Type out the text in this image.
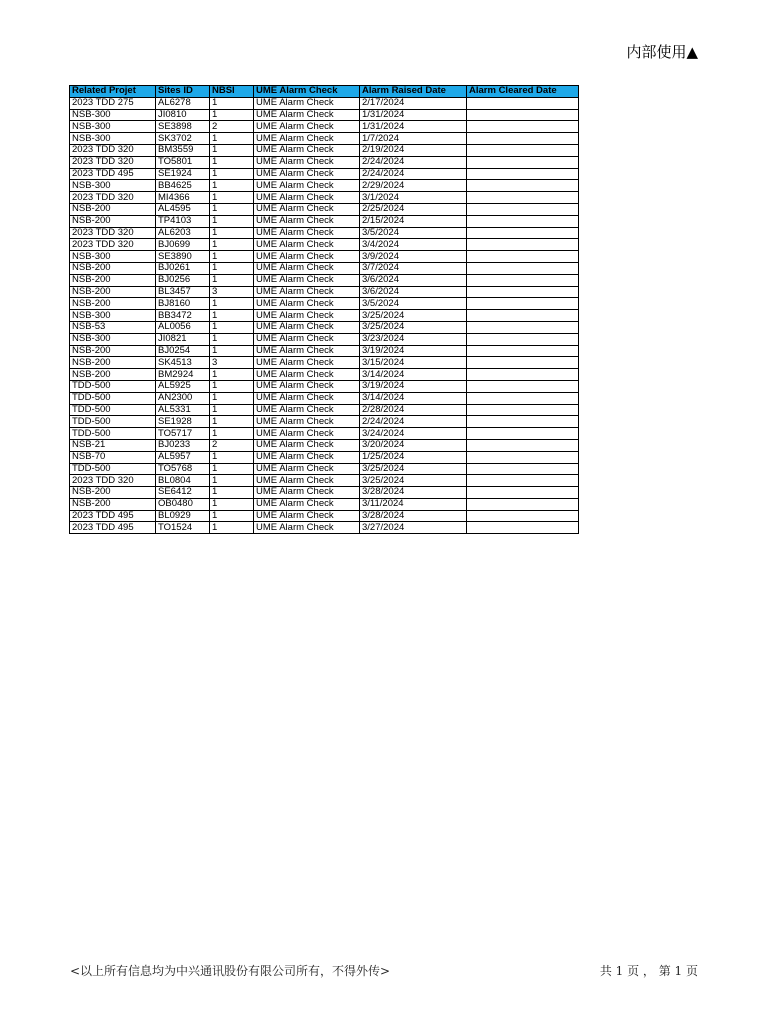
内部使用▲
Related Projet	Sites ID	NBSI	UME Alarm Check	Alarm Raised Date	Alarm Cleared Date
2023 TDD 275	AL6278	1	UME Alarm Check	2/17/2024	
NSB-300	JI0810	1	UME Alarm Check	1/31/2024	
NSB-300	SE3898	2	UME Alarm Check	1/31/2024	
NSB-300	SK3702	1	UME Alarm Check	1/7/2024	
2023 TDD 320	BM3559	1	UME Alarm Check	2/19/2024	
2023 TDD 320	TO5801	1	UME Alarm Check	2/24/2024	
2023 TDD 495	SE1924	1	UME Alarm Check	2/24/2024	
NSB-300	BB4625	1	UME Alarm Check	2/29/2024	
2023 TDD 320	MI4366	1	UME Alarm Check	3/1/2024	
NSB-200	AL4595	1	UME Alarm Check	2/25/2024	
NSB-200	TP4103	1	UME Alarm Check	2/15/2024	
2023 TDD 320	AL6203	1	UME Alarm Check	3/5/2024	
2023 TDD 320	BJ0699	1	UME Alarm Check	3/4/2024	
NSB-300	SE3890	1	UME Alarm Check	3/9/2024	
NSB-200	BJ0261	1	UME Alarm Check	3/7/2024	
NSB-200	BJ0256	1	UME Alarm Check	3/6/2024	
NSB-200	BL3457	3	UME Alarm Check	3/6/2024	
NSB-200	BJ8160	1	UME Alarm Check	3/5/2024	
NSB-300	BB3472	1	UME Alarm Check	3/25/2024	
NSB-53	AL0056	1	UME Alarm Check	3/25/2024	
NSB-300	JI0821	1	UME Alarm Check	3/23/2024	
NSB-200	BJ0254	1	UME Alarm Check	3/19/2024	
NSB-200	SK4513	3	UME Alarm Check	3/15/2024	
NSB-200	BM2924	1	UME Alarm Check	3/14/2024	
TDD-500	AL5925	1	UME Alarm Check	3/19/2024	
TDD-500	AN2300	1	UME Alarm Check	3/14/2024	
TDD-500	AL5331	1	UME Alarm Check	2/28/2024	
TDD-500	SE1928	1	UME Alarm Check	2/24/2024	
TDD-500	TO5717	1	UME Alarm Check	3/24/2024	
NSB-21	BJ0233	2	UME Alarm Check	3/20/2024	
NSB-70	AL5957	1	UME Alarm Check	1/25/2024	
TDD-500	TO5768	1	UME Alarm Check	3/25/2024	
2023 TDD 320	BL0804	1	UME Alarm Check	3/25/2024	
NSB-200	SE6412	1	UME Alarm Check	3/28/2024	
NSB-200	OB0480	1	UME Alarm Check	3/11/2024	
2023 TDD 495	BL0929	1	UME Alarm Check	3/28/2024	
2023 TDD 495	TO1524	1	UME Alarm Check	3/27/2024	
<以上所有信息均为中兴通讯股份有限公司所有，不得外传>	共 1 页 ， 第 1 页
